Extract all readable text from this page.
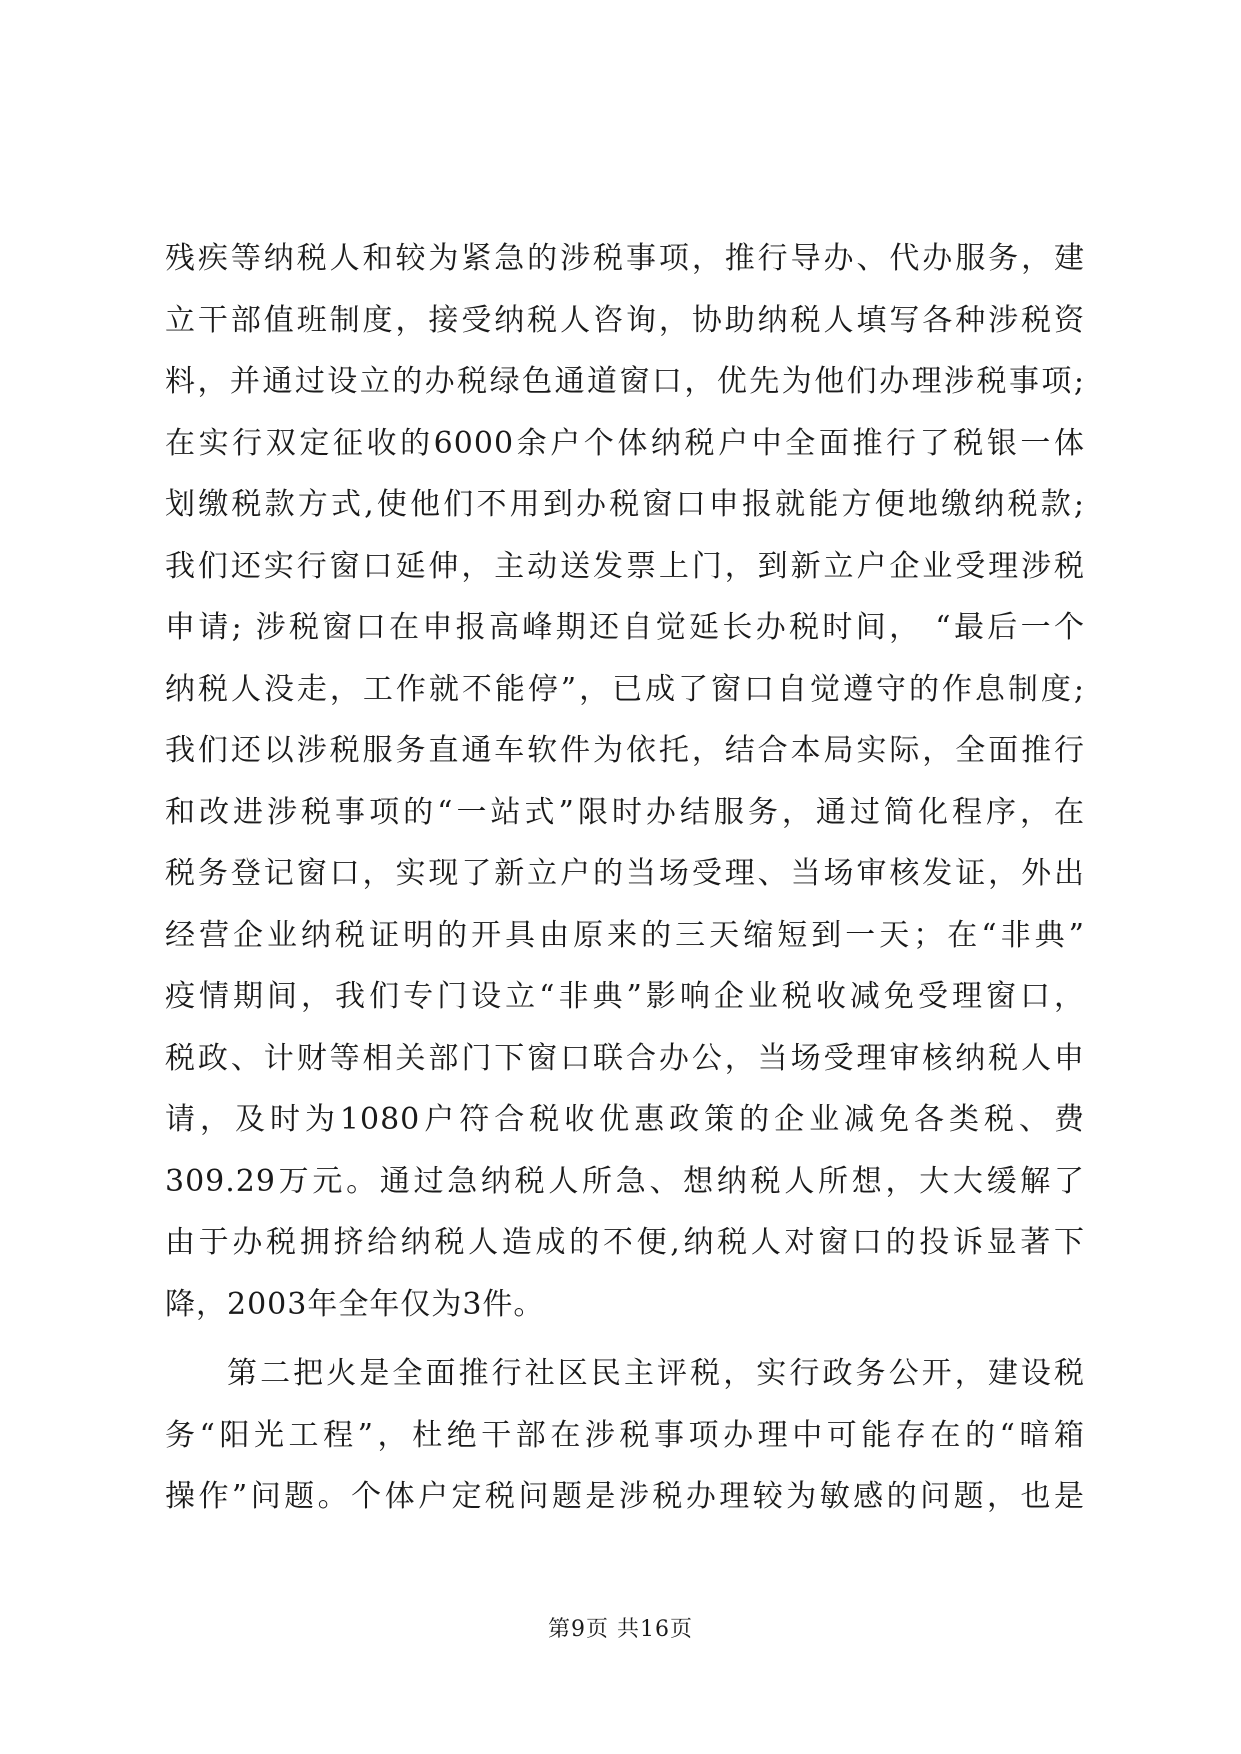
残疾等纳税人和较为紧急的涉税事项，推行导办、代办服务，建
立干部值班制度，接受纳税人咨询，协助纳税人填写各种涉税资
料，并通过设立的办税绿色通道窗口，优先为他们办理涉税事项;
在实行双定征收的6000余户个体纳税户中全面推行了税银一体
划缴税款方式,使他们不用到办税窗口申报就能方便地缴纳税款;
我们还实行窗口延伸，主动送发票上门，到新立户企业受理涉税
申请; 涉税窗口在申报高峰期还自觉延长办税时间， “最后一个
纳税人没走，工作就不能停”，已成了窗口自觉遵守的作息制度;
我们还以涉税服务直通车软件为依托，结合本局实际，全面推行
和改进涉税事项的“一站式”限时办结服务，通过简化程序，在
税务登记窗口，实现了新立户的当场受理、当场审核发证，外出
经营企业纳税证明的开具由原来的三天缩短到一天；在“非典”
疫情期间，我们专门设立“非典”影响企业税收减免受理窗口，
税政、计财等相关部门下窗口联合办公，当场受理审核纳税人申
请，及时为1080户符合税收优惠政策的企业减免各类税、费
309.29万元。通过急纳税人所急、想纳税人所想，大大缓解了
由于办税拥挤给纳税人造成的不便,纳税人对窗口的投诉显著下
降，2003年全年仅为3件。
第二把火是全面推行社区民主评税，实行政务公开，建设税
务“阳光工程”，杜绝干部在涉税事项办理中可能存在的“暗箱
操作”问题。个体户定税问题是涉税办理较为敏感的问题，也是
第9页 共16页
